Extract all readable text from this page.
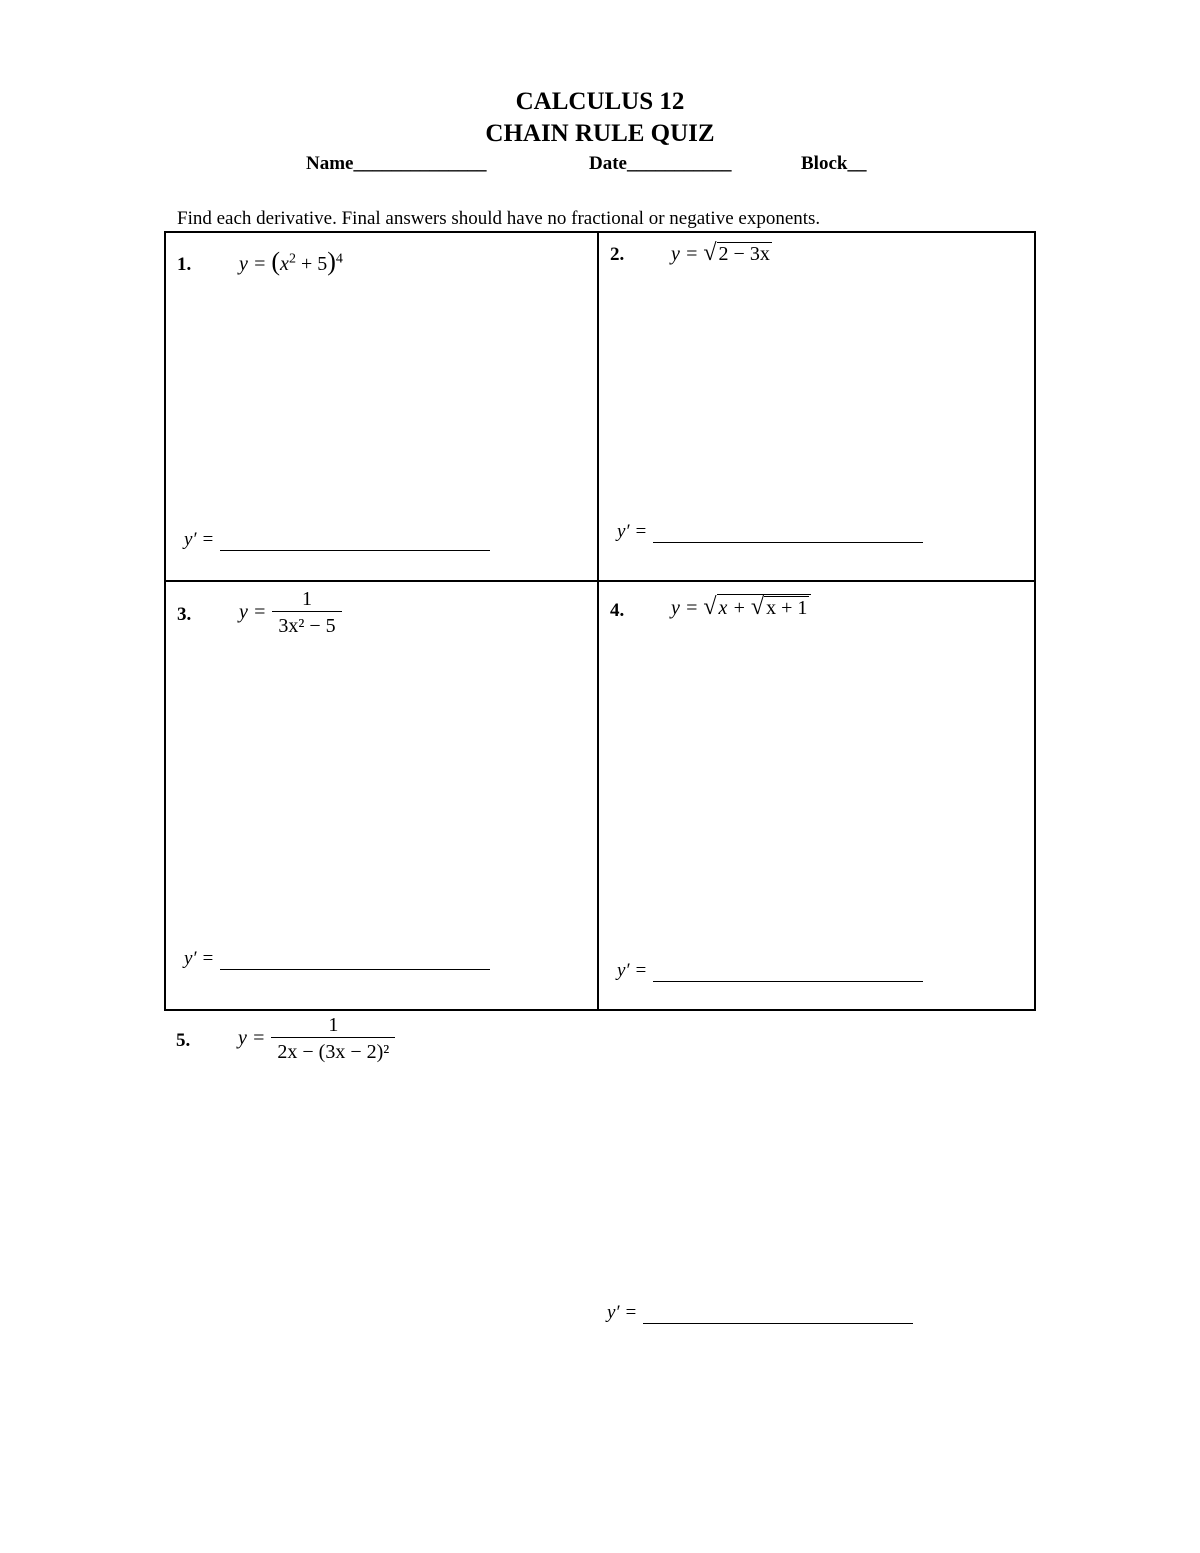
CALCULUS 12
CHAIN RULE QUIZ
Name______________	Date___________	Block__
Find each derivative. Final answers should have no fractional or negative exponents.
1. $y = (x^2 + 5)^4$
y′ =
2. y = √ 2 − 3x
y′ =
3. $y = \frac{1}{\text{3x² − 5}}$
y′ =
4. y = √ x + √ x + 1
y′ =
5. $y = \frac{1}{\text{2x − (3x − 2)²}}$
y′ =
